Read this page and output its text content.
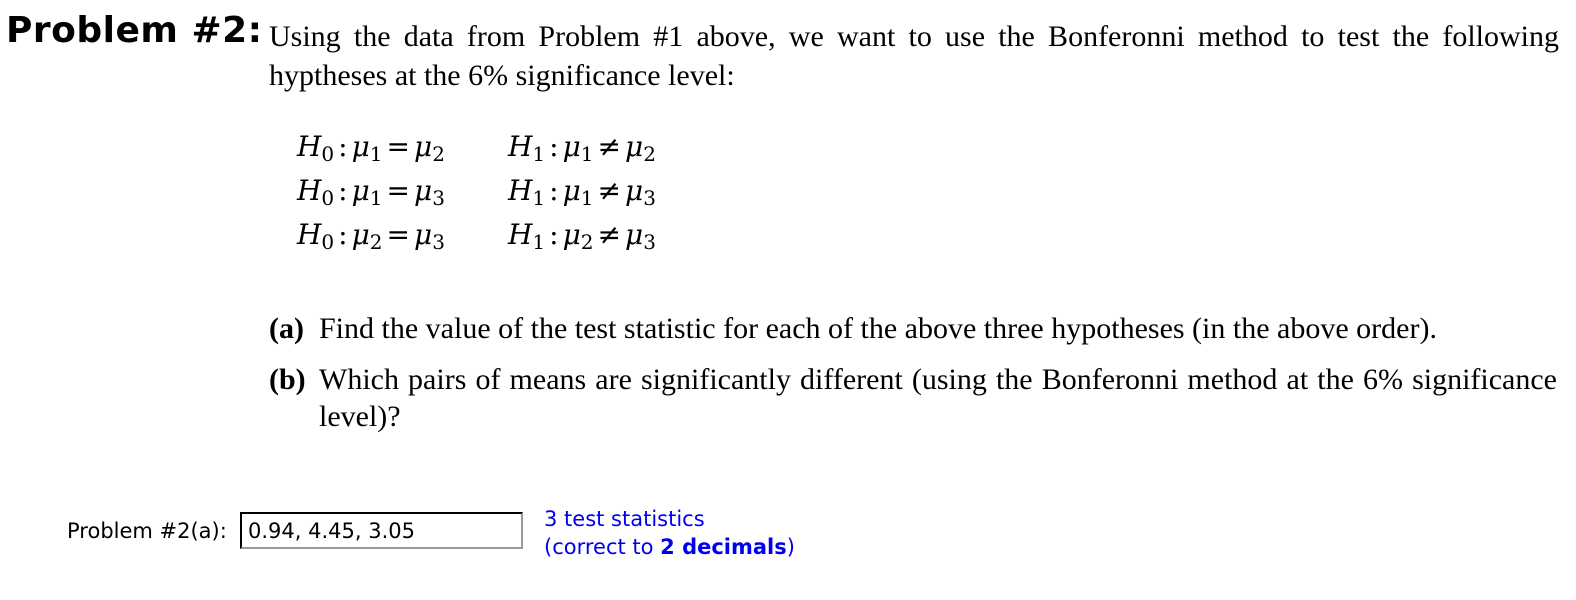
Problem #2: Using the data from Problem #1 above, we want to use the Bonferonni method to test the following hyptheses at the 6% significance level:
$H_0$ : $\mu_1 = \mu_2$ $H_1$ : $\mu_1 \ne \mu_2$
$H_0$ : $\mu_1 = \mu_3$ $H_1$ : $\mu_1 \ne \mu_3$
$H_0$ : $\mu_2 = \mu_3$ $H_1$ : $\mu_2 \ne \mu_3$
(a) Find the value of the test statistic for each of the above three hypotheses (in the above order).
(b) Which pairs of means are significantly different (using the Bonferonni method at the 6% significance level)?
Problem #2(a):
0.94, 4.45, 3.05	3 test statistics
(correct to 2 decimals)
